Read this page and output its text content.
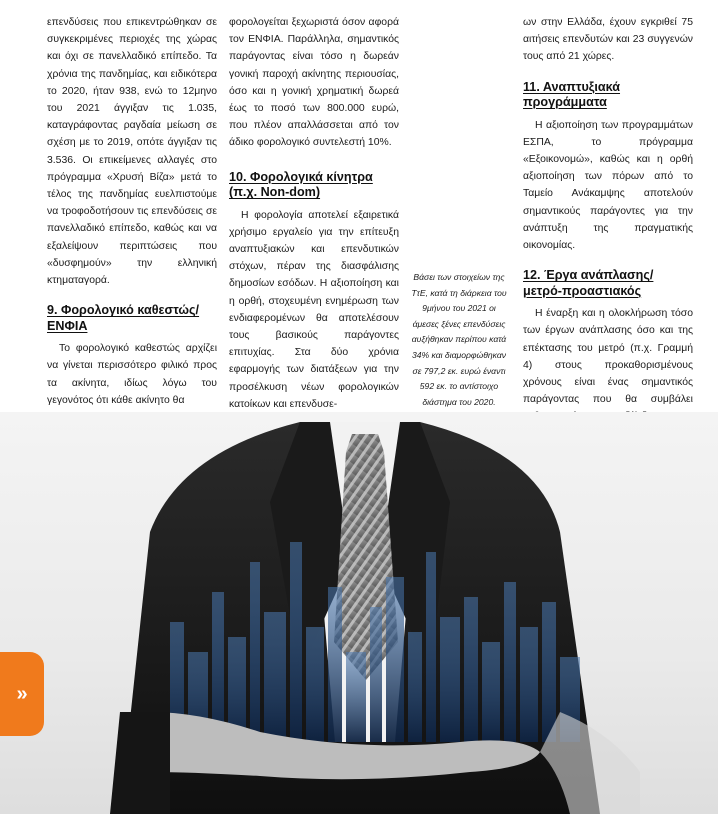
επενδύσεις που επικεντρώθηκαν σε συγκεκριμένες περιοχές της χώρας και όχι σε πανελλαδικό επίπεδο. Τα χρόνια της πανδημίας, και ειδικότερα το 2020, ήταν 938, ενώ το 12μηνο του 2021 άγγιξαν τις 1.035, καταγράφοντας ραγδαία μείωση σε σχέση με το 2019, οπότε άγγιξαν τις 3.536. Οι επικείμενες αλλαγές στο πρόγραμμα «Χρυσή Βίζα» μετά το τέλος της πανδημίας ευελπιστούμε να τροφοδοτήσουν τις επενδύσεις σε πανελλαδικό επίπεδο, καθώς και να εξαλείψουν περιπτώσεις που «δυσφημούν» την ελληνική κτηματαγορά.

9. Φορολογικό καθεστώς/ ΕΝΦΙΑ

Το φορολογικό καθεστώς αρχίζει να γίνεται περισσότερο φιλικό προς τα ακίνητα, ιδίως λόγω του γεγονότος ότι κάθε ακίνητο θα

φορολογείται ξεχωριστά όσον αφορά τον ΕΝΦΙΑ. Παράλληλα, σημαντικός παράγοντας είναι τόσο η δωρεάν γονική παροχή ακίνητης περιουσίας, όσο και η γονική χρηματική δωρεά έως το ποσό των 800.000 ευρώ, που πλέον απαλλάσσεται από τον άδικο φορολογικό συντελεστή 10%.

10. Φορολογικά κίνητρα (π.χ. Non-dom)

Η φορολογία αποτελεί εξαιρετικά χρήσιμο εργαλείο για την επίτευξη αναπτυξιακών και επενδυτικών στόχων, πέραν της διασφάλισης δημοσίων εσόδων. Η αξιοποίηση και η ορθή, στοχευμένη ενημέρωση των ενδιαφερομένων θα αποτελέσουν τους βασικούς παράγοντες επιτυχίας. Στα δύο χρόνια εφαρμογής των διατάξεων για την προσέλκυση νέων φορολογικών κατοίκων και επενδυσε-

Βάσει των στοιχείων της ΤτΕ, κατά τη διάρκεια του 9μήνου του 2021 οι άμεσες ξένες επενδύσεις αυξήθηκαν περίπου κατά 34% και διαμορφώθηκαν σε 797,2 εκ. ευρώ έναντι 592 εκ. το αντίστοιχο διάστημα του 2020.

ων στην Ελλάδα, έχουν εγκριθεί 75 αιτήσεις επενδυτών και 23 συγγενών τους από 21 χώρες.

11. Αναπτυξιακά προγράμματα

Η αξιοποίηση των προγραμμάτων ΕΣΠΑ, το πρόγραμμα «Εξοικονομώ», καθώς και η ορθή αξιοποίηση των πόρων από το Ταμείο Ανάκαμψης αποτελούν σημαντικούς παράγοντες για την ανάπτυξη της πραγματικής οικονομίας.

12. Έργα ανάπλασης/ μετρό-προαστιακός

Η έναρξη και η ολοκλήρωση τόσο των έργων ανάπλασης όσο και της επέκτασης του μετρό (π.χ. Γραμμή 4) στους προκαθορισμένους χρόνους είναι ένας σημαντικός παράγοντας που θα συμβάλει

»
